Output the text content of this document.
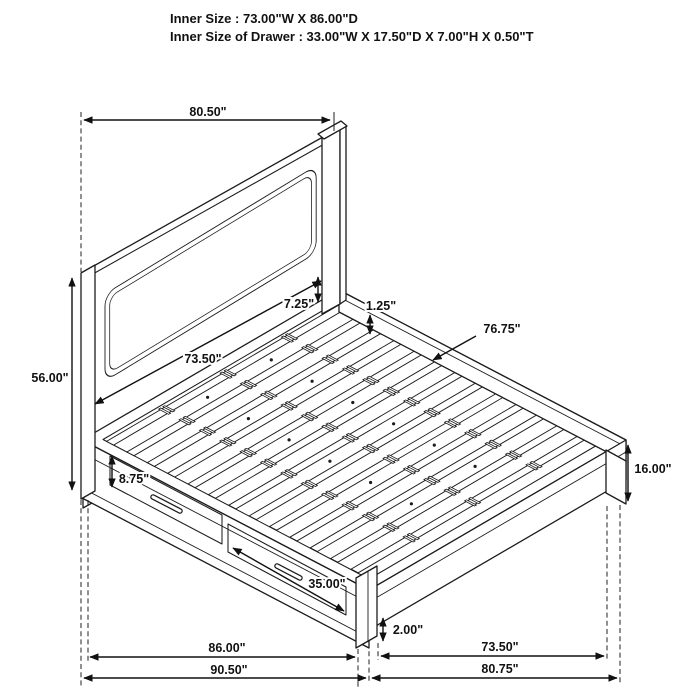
80.50"
56.00"
73.50"
7.25"	1.25"
76.75"
8.75"
16.00"
35.00"
2.00"
86.00"
90.50"
73.50"
80.75"
Inner Size : 73.00"W X 86.00"D
Inner Size of Drawer : 33.00"W X 17.50"D X 7.00"H X 0.50"T
